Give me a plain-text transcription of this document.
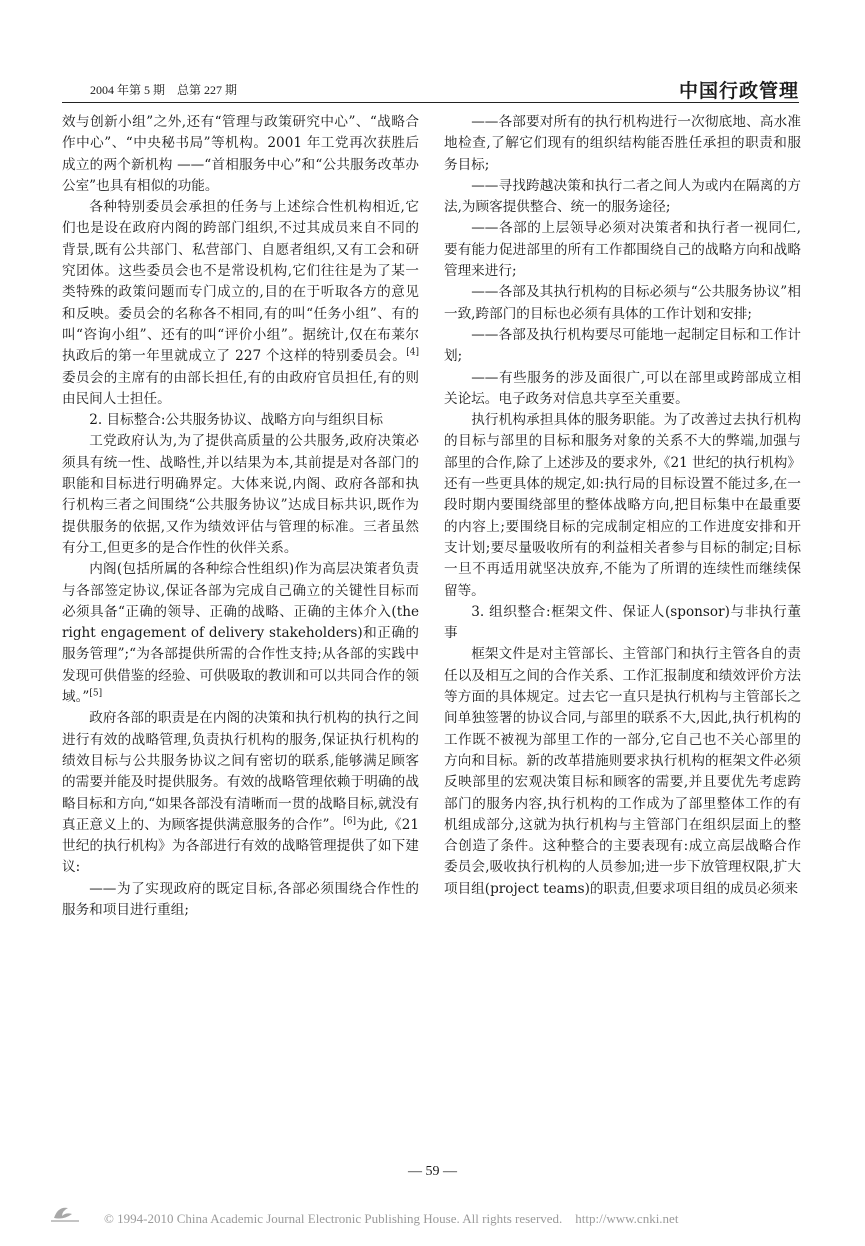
2004 年第 5 期　总第 227 期	中国行政管理

效与创新小组”之外,还有“管理与政策研究中心”、“战略合作中心”、“中央秘书局”等机构。2001 年工党再次获胜后成立的两个新机构 ——“首相服务中心”和“公共服务改革办公室”也具有相似的功能。

各种特别委员会承担的任务与上述综合性机构相近,它们也是设在政府内阁的跨部门组织,不过其成员来自不同的背景,既有公共部门、私营部门、自愿者组织,又有工会和研究团体。这些委员会也不是常设机构,它们往往是为了某一类特殊的政策问题而专门成立的,目的在于听取各方的意见和反映。委员会的名称各不相同,有的叫“任务小组”、有的叫“咨询小组”、还有的叫“评价小组”。据统计,仅在布莱尔执政后的第一年里就成立了 227 个这样的特别委员会。[4]委员会的主席有的由部长担任,有的由政府官员担任,有的则由民间人士担任。

2. 目标整合:公共服务协议、战略方向与组织目标

工党政府认为,为了提供高质量的公共服务,政府决策必须具有统一性、战略性,并以结果为本,其前提是对各部门的职能和目标进行明确界定。大体来说,内阁、政府各部和执行机构三者之间围绕“公共服务协议”达成目标共识,既作为提供服务的依据,又作为绩效评估与管理的标准。三者虽然有分工,但更多的是合作性的伙伴关系。

内阁(包括所属的各种综合性组织)作为高层决策者负责与各部签定协议,保证各部为完成自己确立的关键性目标而必须具备“正确的领导、正确的战略、正确的主体介入(the right engagement of delivery stakeholders)和正确的服务管理”;“为各部提供所需的合作性支持;从各部的实践中发现可供借鉴的经验、可供吸取的教训和可以共同合作的领域。”[5]

政府各部的职责是在内阁的决策和执行机构的执行之间进行有效的战略管理,负责执行机构的服务,保证执行机构的绩效目标与公共服务协议之间有密切的联系,能够满足顾客的需要并能及时提供服务。有效的战略管理依赖于明确的战略目标和方向,“如果各部没有清晰而一贯的战略目标,就没有真正意义上的、为顾客提供满意服务的合作”。[6]为此,《21 世纪的执行机构》为各部进行有效的战略管理提供了如下建议:

——为了实现政府的既定目标,各部必须围绕合作性的服务和项目进行重组;

——各部要对所有的执行机构进行一次彻底地、高水准地检查,了解它们现有的组织结构能否胜任承担的职责和服务目标;

——寻找跨越决策和执行二者之间人为或内在隔离的方法,为顾客提供整合、统一的服务途径;

——各部的上层领导必须对决策者和执行者一视同仁,要有能力促进部里的所有工作都围绕自己的战略方向和战略管理来进行;

——各部及其执行机构的目标必须与“公共服务协议”相一致,跨部门的目标也必须有具体的工作计划和安排;

——各部及执行机构要尽可能地一起制定目标和工作计划;

——有些服务的涉及面很广,可以在部里或跨部成立相关论坛。电子政务对信息共享至关重要。

执行机构承担具体的服务职能。为了改善过去执行机构的目标与部里的目标和服务对象的关系不大的弊端,加强与部里的合作,除了上述涉及的要求外,《21 世纪的执行机构》还有一些更具体的规定,如:执行局的目标设置不能过多,在一段时期内要围绕部里的整体战略方向,把目标集中在最重要的内容上;要围绕目标的完成制定相应的工作进度安排和开支计划;要尽量吸收所有的利益相关者参与目标的制定;目标一旦不再适用就坚决放弃,不能为了所谓的连续性而继续保留等。

3. 组织整合:框架文件、保证人(sponsor)与非执行董事

框架文件是对主管部长、主管部门和执行主管各自的责任以及相互之间的合作关系、工作汇报制度和绩效评价方法等方面的具体规定。过去它一直只是执行机构与主管部长之间单独签署的协议合同,与部里的联系不大,因此,执行机构的工作既不被视为部里工作的一部分,它自己也不关心部里的方向和目标。新的改革措施则要求执行机构的框架文件必须反映部里的宏观决策目标和顾客的需要,并且要优先考虑跨部门的服务内容,执行机构的工作成为了部里整体工作的有机组成部分,这就为执行机构与主管部门在组织层面上的整合创造了条件。这种整合的主要表现有:成立高层战略合作委员会,吸收执行机构的人员参加;进一步下放管理权限,扩大项目组(project teams)的职责,但要求项目组的成员必须来

— 59 —
© 1994-2010 China Academic Journal Electronic Publishing House. All rights reserved.　http://www.cnki.net
